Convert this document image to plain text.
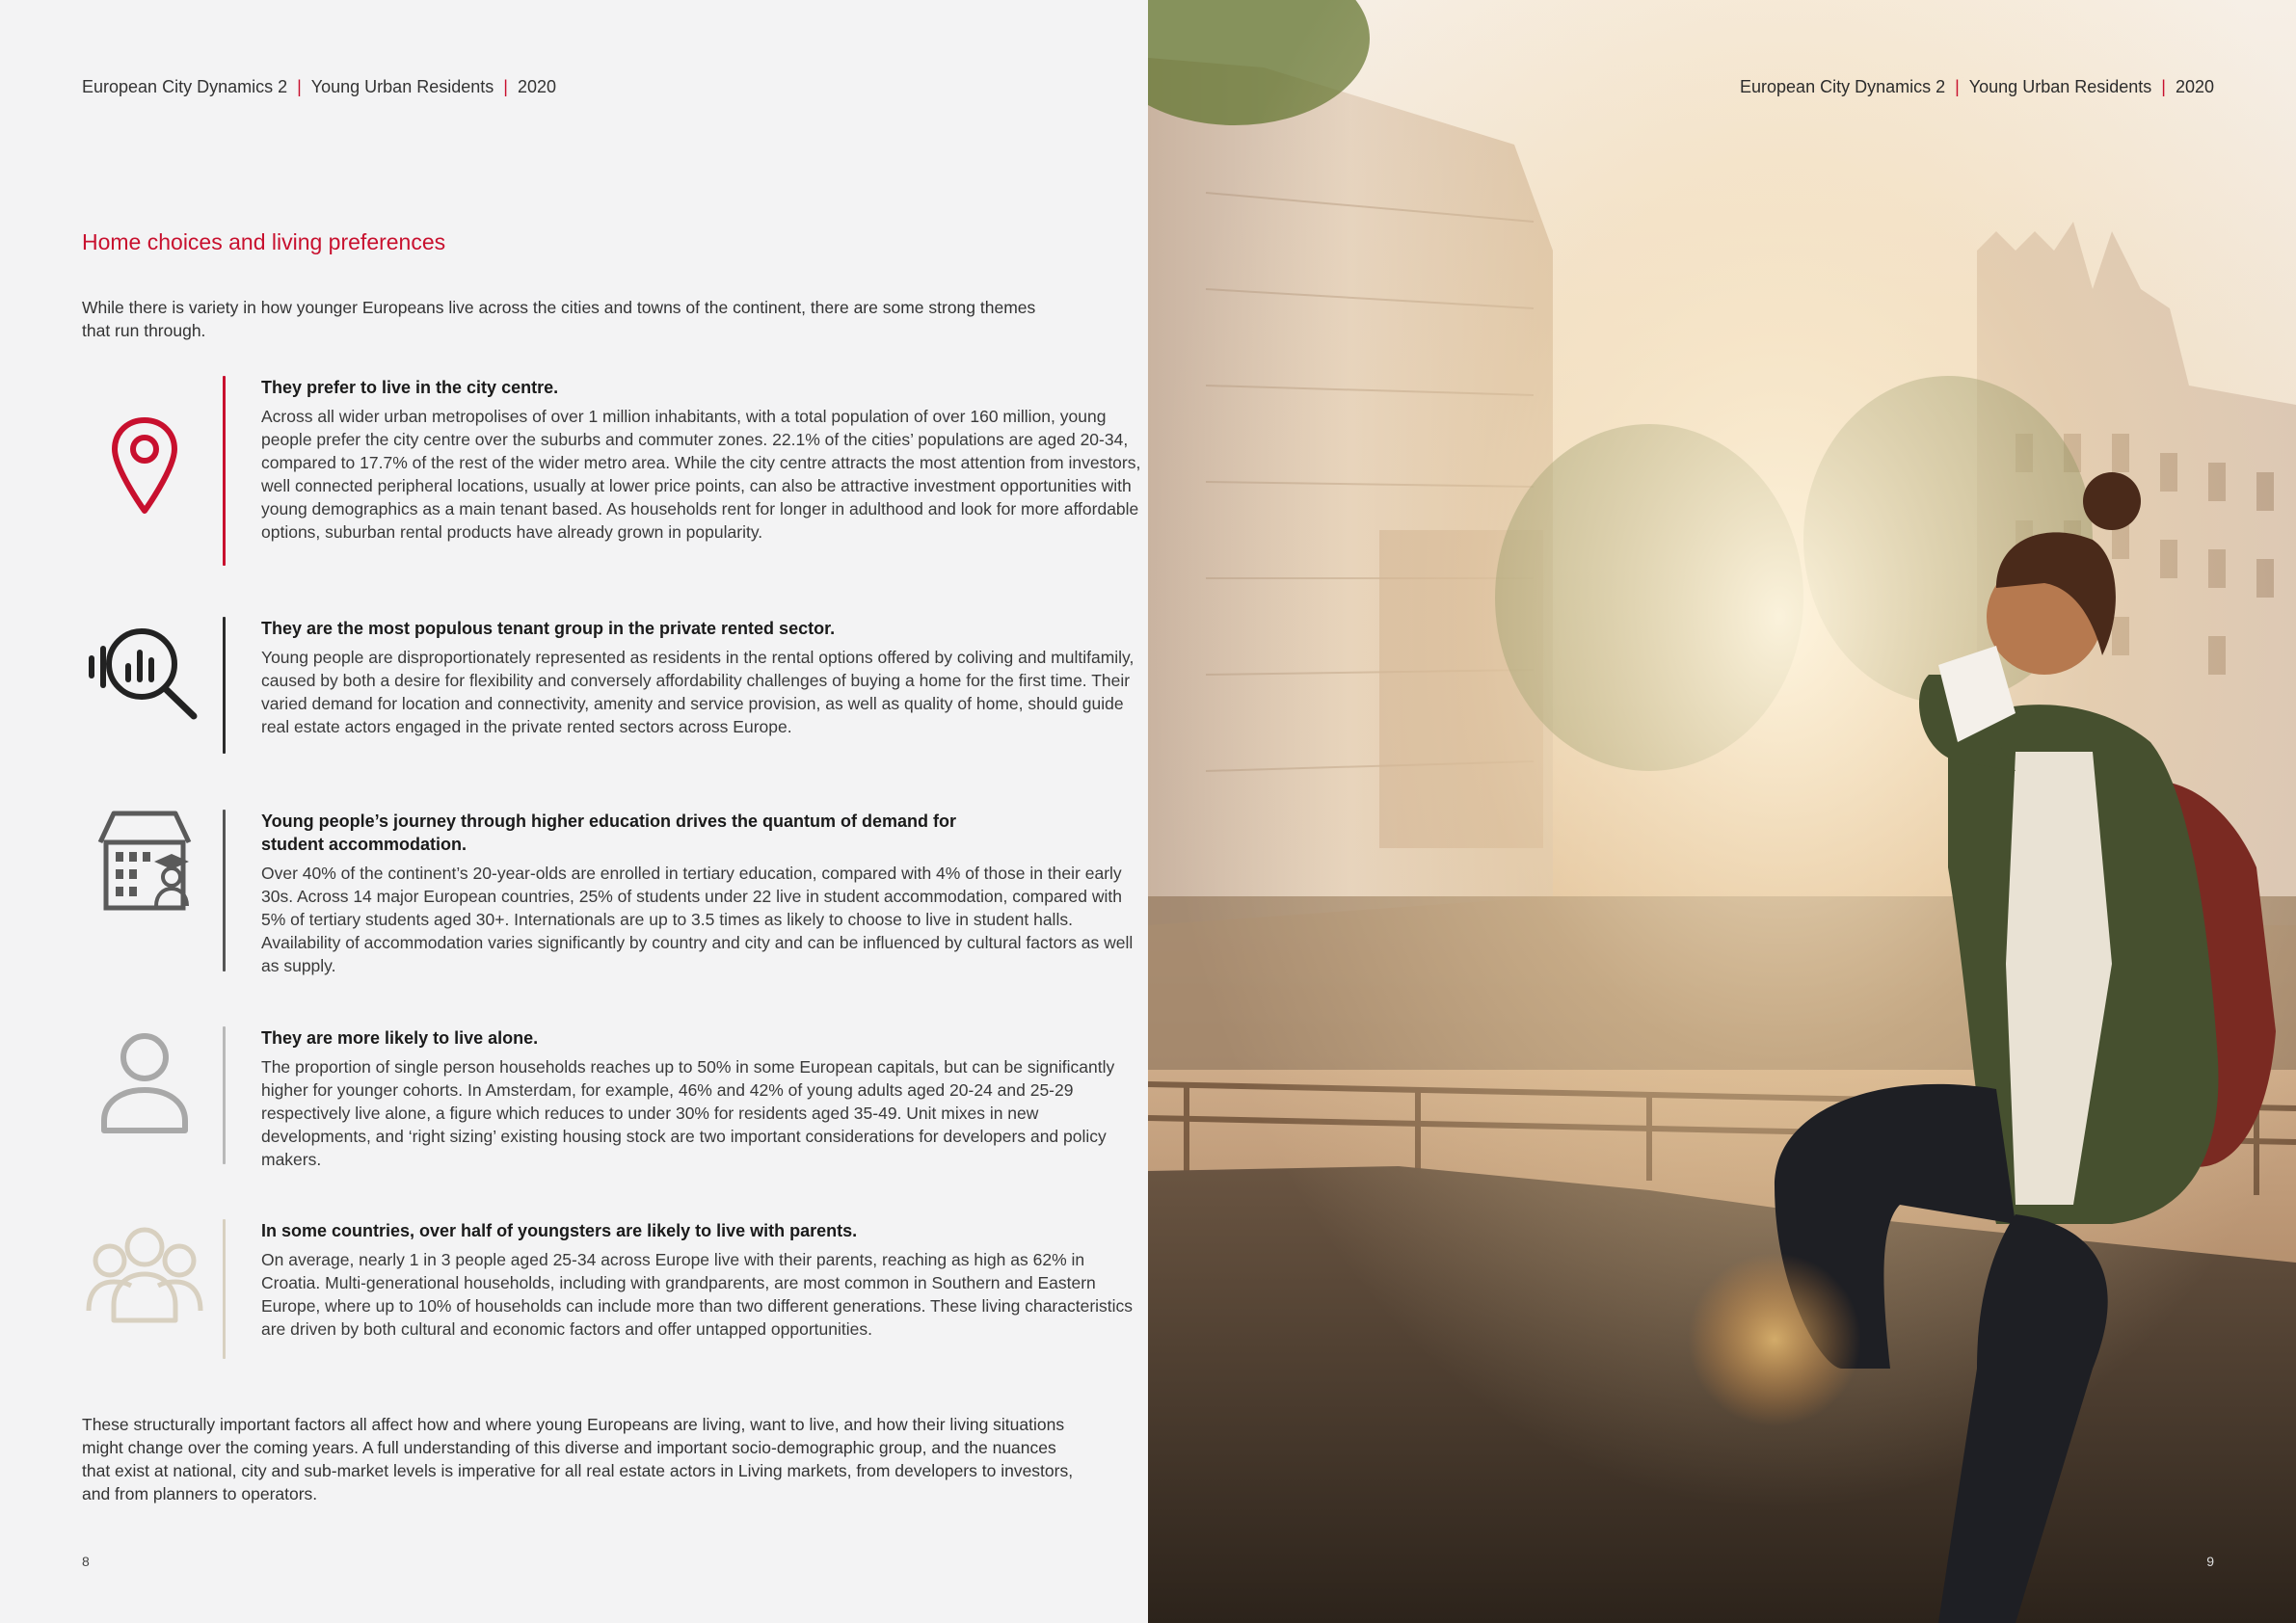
European City Dynamics 2 | Young Urban Residents | 2020
Home choices and living preferences
While there is variety in how younger Europeans live across the cities and towns of the continent, there are some strong themes that run through.
They prefer to live in the city centre.
Across all wider urban metropolises of over 1 million inhabitants, with a total population of over 160 million, young people prefer the city centre over the suburbs and commuter zones. 22.1% of the cities’ populations are aged 20-34, compared to 17.7% of the rest of the wider metro area. While the city centre attracts the most attention from investors, well connected peripheral locations, usually at lower price points, can also be attractive investment opportunities with young demographics as a main tenant based. As households rent for longer in adulthood and look for more affordable options, suburban rental products have already grown in popularity.
They are the most populous tenant group in the private rented sector.
Young people are disproportionately represented as residents in the rental options offered by coliving and multifamily, caused by both a desire for flexibility and conversely affordability challenges of buying a home for the first time. Their varied demand for location and connectivity, amenity and service provision, as well as quality of home, should guide real estate actors engaged in the private rented sectors across Europe.
Young people’s journey through higher education drives the quantum of demand for student accommodation.
Over 40% of the continent’s 20-year-olds are enrolled in tertiary education, compared with 4% of those in their early 30s. Across 14 major European countries, 25% of students under 22 live in student accommodation, compared with 5% of tertiary students aged 30+. Internationals are up to 3.5 times as likely to choose to live in student halls. Availability of accommodation varies significantly by country and city and can be influenced by cultural factors as well as supply.
They are more likely to live alone.
The proportion of single person households reaches up to 50% in some European capitals, but can be significantly higher for younger cohorts. In Amsterdam, for example, 46% and 42% of young adults aged 20-24 and 25-29 respectively live alone, a figure which reduces to under 30% for residents aged 35-49. Unit mixes in new developments, and ‘right sizing’ existing housing stock are two important considerations for developers and policy makers.
In some countries, over half of youngsters are likely to live with parents.
On average, nearly 1 in 3 people aged 25-34 across Europe live with their parents, reaching as high as 62% in Croatia. Multi-generational households, including with grandparents, are most common in Southern and Eastern Europe, where up to 10% of households can include more than two different generations. These living characteristics are driven by both cultural and economic factors and offer untapped opportunities.
These structurally important factors all affect how and where young Europeans are living, want to live, and how their living situations might change over the coming years. A full understanding of this diverse and important socio-demographic group, and the nuances that exist at national, city and sub-market levels is imperative for all real estate actors in Living markets, from developers to investors, and from planners to operators.
8
European City Dynamics 2 | Young Urban Residents | 2020
9
